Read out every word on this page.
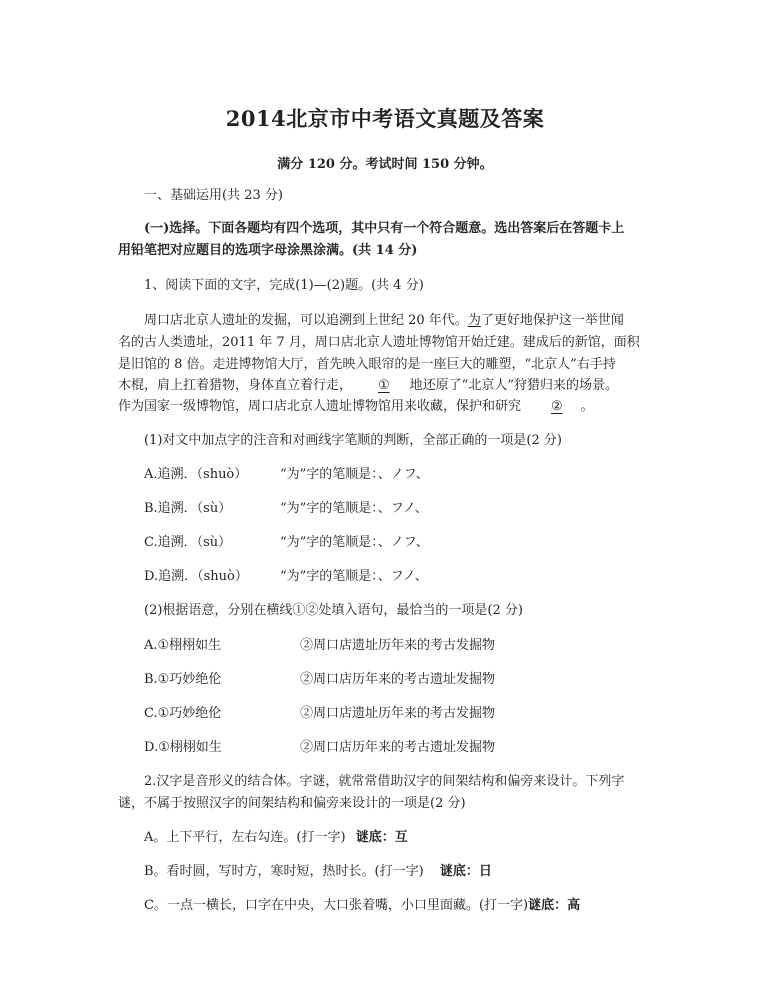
2014北京市中考语文真题及答案
满分 120 分。考试时间 150 分钟。
一、基础运用(共 23 分)
(一)选择。下面各题均有四个选项，其中只有一个符合题意。选出答案后在答题卡上
用铅笔把对应题目的选项字母涂黑涂满。(共 14 分)
1、阅读下面的文字，完成(1)—(2)题。(共 4 分)
周口店北京人遗址的发掘，可以追溯到上世纪 20 年代。为了更好地保护这一举世闻
名的古人类遗址，2011 年 7 月，周口店北京人遗址博物馆开始迁建。建成后的新馆，面积
是旧馆的 8 倍。走进博物馆大厅，首先映入眼帘的是一座巨大的雕塑，“北京人”右手持
木棍，肩上扛着猎物，身体直立着行走， ① 地还原了“北京人”狩猎归来的场景。
作为国家一级博物馆，周口店北京人遗址博物馆用来收藏，保护和研究 ② 。
(1)对文中加点字的注音和对画线字笔顺的判断，全部正确的一项是(2 分)
A.追溯．（shuò）	“为”字的笔顺是：、ノフ、
B.追溯．（sù）	“为”字的笔顺是：、フノ、
C.追溯．（sù）	“为”字的笔顺是：、ノフ、
D.追溯．（shuò） “为”字的笔顺是：、フノ、
(2)根据语意，分别在横线①②处填入语句，最恰当的一项是(2 分)
A.①栩栩如生	②周口店遗址历年来的考古发掘物
B.①巧妙绝伦	②周口店历年来的考古遗址发掘物
C.①巧妙绝伦	②周口店遗址历年来的考古发掘物
D.①栩栩如生	②周口店历年来的考古遗址发掘物
2.汉字是音形义的结合体。字谜，就常常借助汉字的间架结构和偏旁来设计。下列字
谜，不属于按照汉字的间架结构和偏旁来设计的一项是(2 分)
A。上下平行，左右勾连。(打一字) 谜底：互
B。看时圆，写时方，寒时短，热时长。(打一字) 谜底：日
C。一点一横长，口字在中央，大口张着嘴，小口里面藏。(打一字)谜底：高
